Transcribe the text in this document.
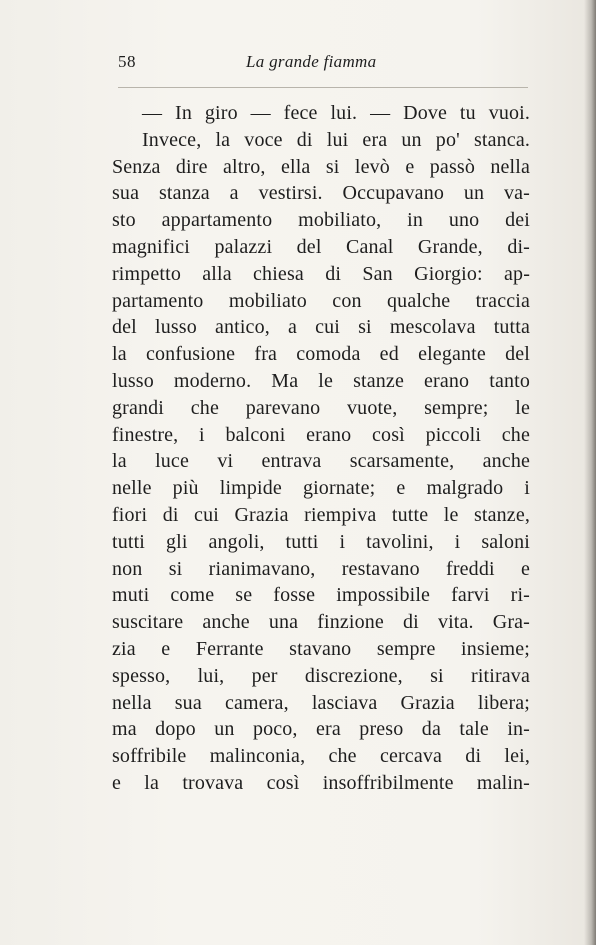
58	La grande fiamma
— In giro — fece lui. — Dove tu vuoi.
Invece, la voce di lui era un po' stanca.
Senza dire altro, ella si levò e passò nella
sua stanza a vestirsi. Occupavano un va-
sto appartamento mobiliato, in uno dei
magnifici palazzi del Canal Grande, di-
rimpetto alla chiesa di San Giorgio: ap-
partamento mobiliato con qualche traccia
del lusso antico, a cui si mescolava tutta
la confusione fra comoda ed elegante del
lusso moderno. Ma le stanze erano tanto
grandi che parevano vuote, sempre; le
finestre, i balconi erano così piccoli che
la luce vi entrava scarsamente, anche
nelle più limpide giornate; e malgrado i
fiori di cui Grazia riempiva tutte le stanze,
tutti gli angoli, tutti i tavolini, i saloni
non si rianimavano, restavano freddi e
muti come se fosse impossibile farvi ri-
suscitare anche una finzione di vita. Gra-
zia e Ferrante stavano sempre insieme;
spesso, lui, per discrezione, si ritirava
nella sua camera, lasciava Grazia libera;
ma dopo un poco, era preso da tale in-
soffribile malinconia, che cercava di lei,
e la trovava così insoffribilmente malin-
